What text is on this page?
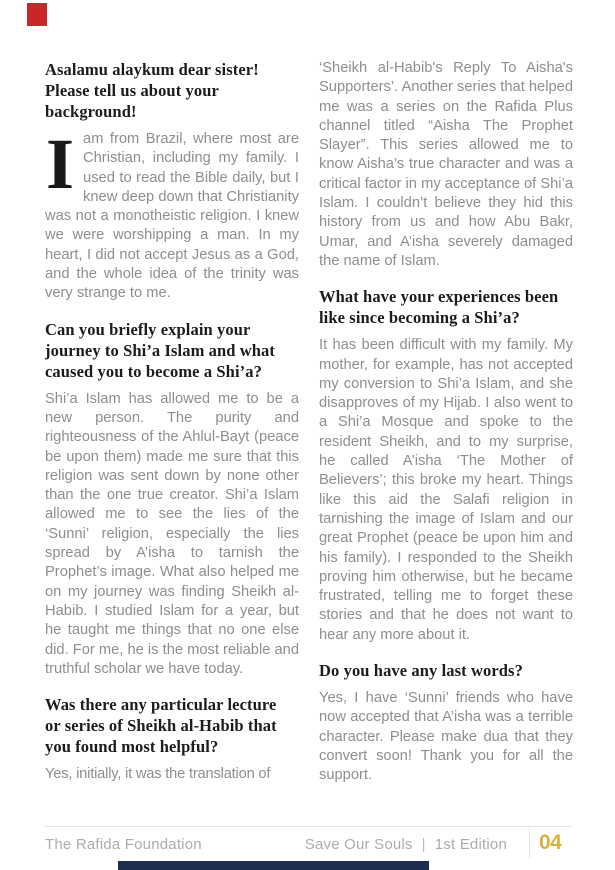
Asalamu alaykum dear sister!
Please tell us about your
background!

Iam from Brazil, where most are Christian, including my family. I used to read the Bible daily, but I knew deep down that Christianity was not a monotheistic religion. I knew we were worshipping a man. In my heart, I did not accept Jesus as a God, and the whole idea of the trinity was very strange to me.

Can you briefly explain your
journey to Shi’a Islam and what
caused you to become a Shi’a?

Shi’a Islam has allowed me to be a new person. The purity and righteousness of the Ahlul-Bayt (peace be upon them) made me sure that this religion was sent down by none other than the one true creator. Shi’a Islam allowed me to see the lies of the ‘Sunni’ religion, especially the lies spread by A’isha to tarnish the Prophet’s image. What also helped me on my journey was finding Sheikh al-Habib. I studied Islam for a year, but he taught me things that no one else did. For me, he is the most reliable and truthful scholar we have today.

Was there any particular lecture
or series of Sheikh al-Habib that
you found most helpful?

Yes, initially, it was the translation of

‘Sheikh al-Habib's Reply To Aisha's Supporters’. Another series that helped me was a series on the Rafida Plus channel titled “Aisha The Prophet Slayer”. This series allowed me to know Aisha’s true character and was a critical factor in my acceptance of Shi’a Islam. I couldn’t believe they hid this history from us and how Abu Bakr, Umar, and A’isha severely damaged the name of Islam.

What have your experiences been
like since becoming a Shi’a?

It has been difficult with my family. My mother, for example, has not accepted my conversion to Shi’a Islam, and she disapproves of my Hijab. I also went to a Shi’a Mosque and spoke to the resident Sheikh, and to my surprise, he called A’isha ‘The Mother of Believers’; this broke my heart. Things like this aid the Salafi religion in tarnishing the image of Islam and our great Prophet (peace be upon him and his family). I responded to the Sheikh proving him otherwise, but he became frustrated, telling me to forget these stories and that he does not want to hear any more about it.

Do you have any last words?

Yes, I have ‘Sunni’ friends who have now accepted that A’isha was a terrible character. Please make dua that they convert soon! Thank you for all the support.

The Rafida Foundation	Save Our Souls | 1st Edition 04
